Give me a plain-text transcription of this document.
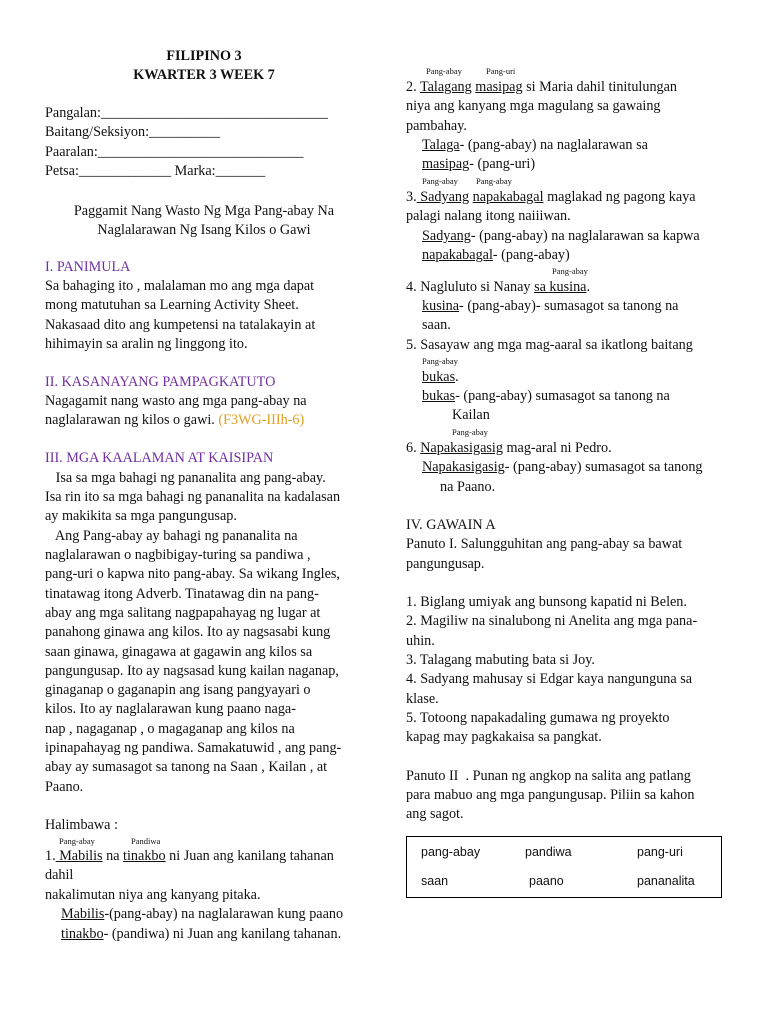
FILIPINO 3
KWARTER 3 WEEK 7
Pangalan:________________________________
Baitang/Seksiyon:__________
Paaralan:_____________________________
Petsa:_____________ Marka:_______
Paggamit Nang Wasto Ng Mga Pang-abay Na
Naglalarawan Ng Isang Kilos o Gawi
I. PANIMULA
Sa bahaging ito , malalaman mo ang mga dapat
mong matutuhan sa Learning Activity Sheet.
Nakasaad dito ang kumpetensi na tatalakayin at
hihimayin sa aralin ng linggong ito.
II. KASANAYANG PAMPAGKATUTO
Nagagamit nang wasto ang mga pang-abay na
naglalarawan ng kilos o gawi. (F3WG-IIIh-6)
III. MGA KAALAMAN AT KAISIPAN
Isa sa mga bahagi ng pananalita ang pang-abay.
Isa rin ito sa mga bahagi ng pananalita na kadalasan
ay makikita sa mga pangungusap.
Ang Pang-abay ay bahagi ng pananalita na
naglalarawan o nagbibigay-turing sa pandiwa ,
pang-uri o kapwa nito pang-abay. Sa wikang Ingles,
tinatawag itong Adverb. Tinatawag din na pang-
abay ang mga salitang nagpapahayag ng lugar at
panahong ginawa ang kilos. Ito ay nagsasabi kung
saan ginawa, ginagawa at gagawin ang kilos sa
pangungusap. Ito ay nagsasad kung kailan naganap,
ginaganap o gaganapin ang isang pangyayari o
kilos. Ito ay naglalarawan kung paano naga-
nap , nagaganap , o magaganap ang kilos na
ipinapahayag ng pandiwa. Samakatuwid , ang pang-
abay ay sumasagot sa tanong na Saan , Kailan , at
Paano.
Halimbawa :
Pang-abay	Pandiwa
1. Mabilis na tinakbo ni Juan ang kanilang tahanan
dahil
nakalimutan niya ang kanyang pitaka.
Mabilis-(pang-abay) na naglalarawan kung paano
tinakbo- (pandiwa) ni Juan ang kanilang tahanan.
Pang-abay	Pang-uri
2. Talagang masipag si Maria dahil tinitulungan
niya ang kanyang mga magulang sa gawaing
pambahay.
Talaga- (pang-abay) na naglalarawan sa
masipag- (pang-uri)
Pang-abay Pang-abay
3. Sadyang napakabagal maglakad ng pagong kaya
palagi nalang itong naiiiwan.
Sadyang- (pang-abay) na naglalarawan sa kapwa
napakabagal- (pang-abay)
Pang-abay
4. Nagluluto si Nanay sa kusina.
kusina- (pang-abay)- sumasagot sa tanong na
saan.
5. Sasayaw ang mga mag-aaral sa ikatlong baitang
Pang-abay
bukas.
bukas- (pang-abay) sumasagot sa tanong na
Kailan
Pang-abay
6. Napakasigasig mag-aral ni Pedro.
Napakasigasig- (pang-abay) sumasagot sa tanong
na Paano.
IV. GAWAIN A
Panuto I. Salungguhitan ang pang-abay sa bawat
pangungusap.
1. Biglang umiyak ang bunsong kapatid ni Belen.
2. Magiliw na sinalubong ni Anelita ang mga pana-
uhin.
3. Talagang mabuting bata si Joy.
4. Sadyang mahusay si Edgar kaya nangunguna sa
klase.
5. Totoong napakadaling gumawa ng proyekto
kapag may pagkakaisa sa pangkat.
Panuto II  . Punan ng angkop na salita ang patlang
para mabuo ang mga pangungusap. Piliin sa kahon
ang sagot.
pang-abay	pandiwa	pang-uri
saan	paano	pananalita
